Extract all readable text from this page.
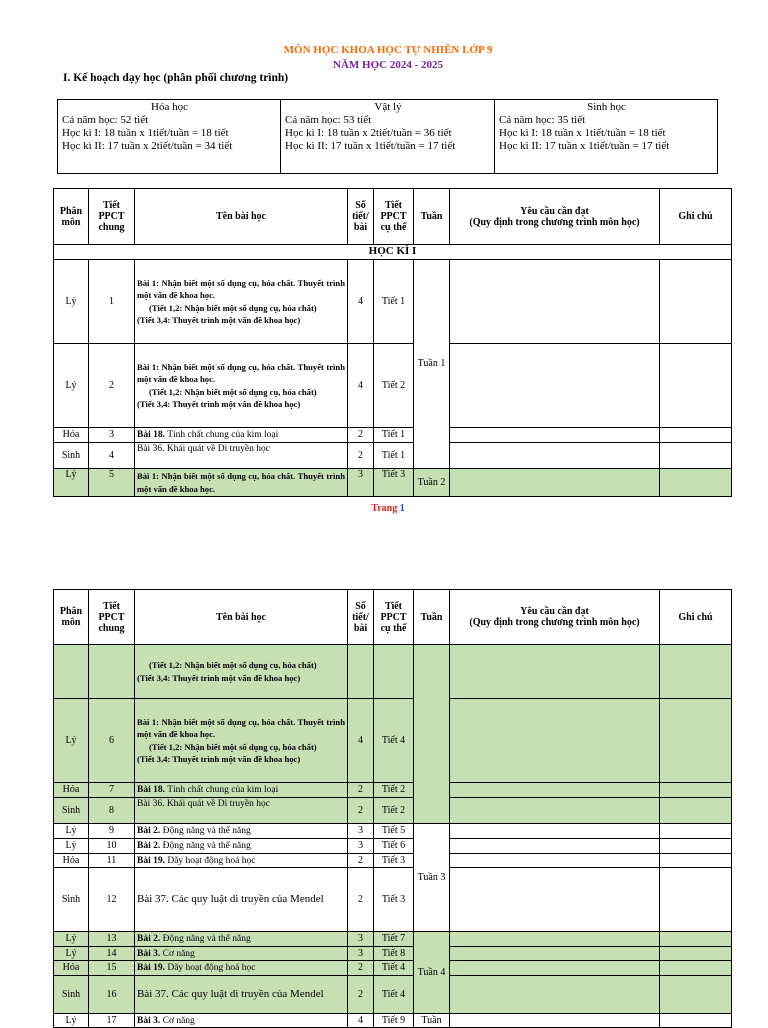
MÔN HỌC KHOA HỌC TỰ NHIÊN LỚP 9
NĂM HỌC 2024 - 2025
I. Kế hoạch dạy học (phân phối chương trình)
Hóa học
Cả năm học: 52 tiết
Học kì I: 18 tuần x 1tiết/tuần = 18 tiết
Học kì II: 17 tuần x 2tiết/tuần = 34 tiết

Vật lý
Cả năm học: 53 tiết
Học kì I: 18 tuần x 2tiết/tuần = 36 tiết
Học kì II: 17 tuần x 1tiết/tuần = 17 tiết

Sinh học
Cả năm học: 35 tiết
Học kì I: 18 tuần x 1tiết/tuần = 18 tiết
Học kì II: 17 tuần x 1tiết/tuần = 17 tiết
Phân môn	Tiết PPCT chung	Tên bài học	Số tiết/ bài	Tiết PPCT cụ thể	Tuần	Yêu cầu cần đạt
(Quy định trong chương trình môn học)	Ghi chú
HỌC KÌ I							
Lý	1	Bài 1: Nhận biết một số dụng cụ, hóa chất. Thuyết trình một vấn đề khoa học.
(Tiết 1,2: Nhận biết một số dụng cụ, hóa chất)
(Tiết 3,4: Thuyết trình một vấn đề khoa học)	4	Tiết 1	Tuần 1		
Lý	2	Bài 1: Nhận biết một số dụng cụ, hóa chất. Thuyết trình một vấn đề khoa học.
(Tiết 1,2: Nhận biết một số dụng cụ, hóa chất)
(Tiết 3,4: Thuyết trình một vấn đề khoa học)	4	Tiết 2			
Hóa	3	Bài 18. Tính chất chung của kim loại	2	Tiết 1			
Sinh	4	Bài 36. Khái quát về Di truyền học	2	Tiết 1			
Lý	5	Bài 1: Nhận biết một số dụng cụ, hóa chất. Thuyết trình một vấn đề khoa học.	3	Tiết 3	Tuần 2		
Trang 1
Phân môn	Tiết PPCT chung	Tên bài học	Số tiết/ bài	Tiết PPCT cụ thể	Tuần	Yêu cầu cần đạt
(Quy định trong chương trình môn học)	Ghi chú

		(Tiết 1,2: Nhận biết một số dụng cụ, hóa chất)
(Tiết 3,4: Thuyết trình một vấn đề khoa học)					

Lý	6	Bài 1: Nhận biết một số dụng cụ, hóa chất. Thuyết trình một vấn đề khoa học.
(Tiết 1,2: Nhận biết một số dụng cụ, hóa chất)
(Tiết 3,4: Thuyết trình một vấn đề khoa học)	4	Tiết 4			
Hóa	7	Bài 18. Tính chất chung của kim loại	2	Tiết 2			
Sinh	8	Bài 36. Khái quát về Di truyền học	2	Tiết 2			
Lý	9	Bài 2. Động năng và thế năng	3	Tiết 5	Tuần 3		
Lý	10	Bài 2. Động năng và thế năng	3	Tiết 6			
Hóa	11	Bài 19. Dãy hoạt động hoá học	2	Tiết 3			
Sinh	12	Bài 37. Các quy luật di truyền của Mendel	2	Tiết 3			
Lý	13	Bài 2. Động năng và thế năng	3	Tiết 7	Tuần 4		
Lý	14	Bài 3. Cơ năng	3	Tiết 8			
Hóa	15	Bài 19. Dãy hoạt động hoá học	2	Tiết 4			
Sinh	16	Bài 37. Các quy luật di truyền của Mendel	2	Tiết 4			
Lý	17	Bài 3. Cơ năng	4	Tiết 9	Tuần		
